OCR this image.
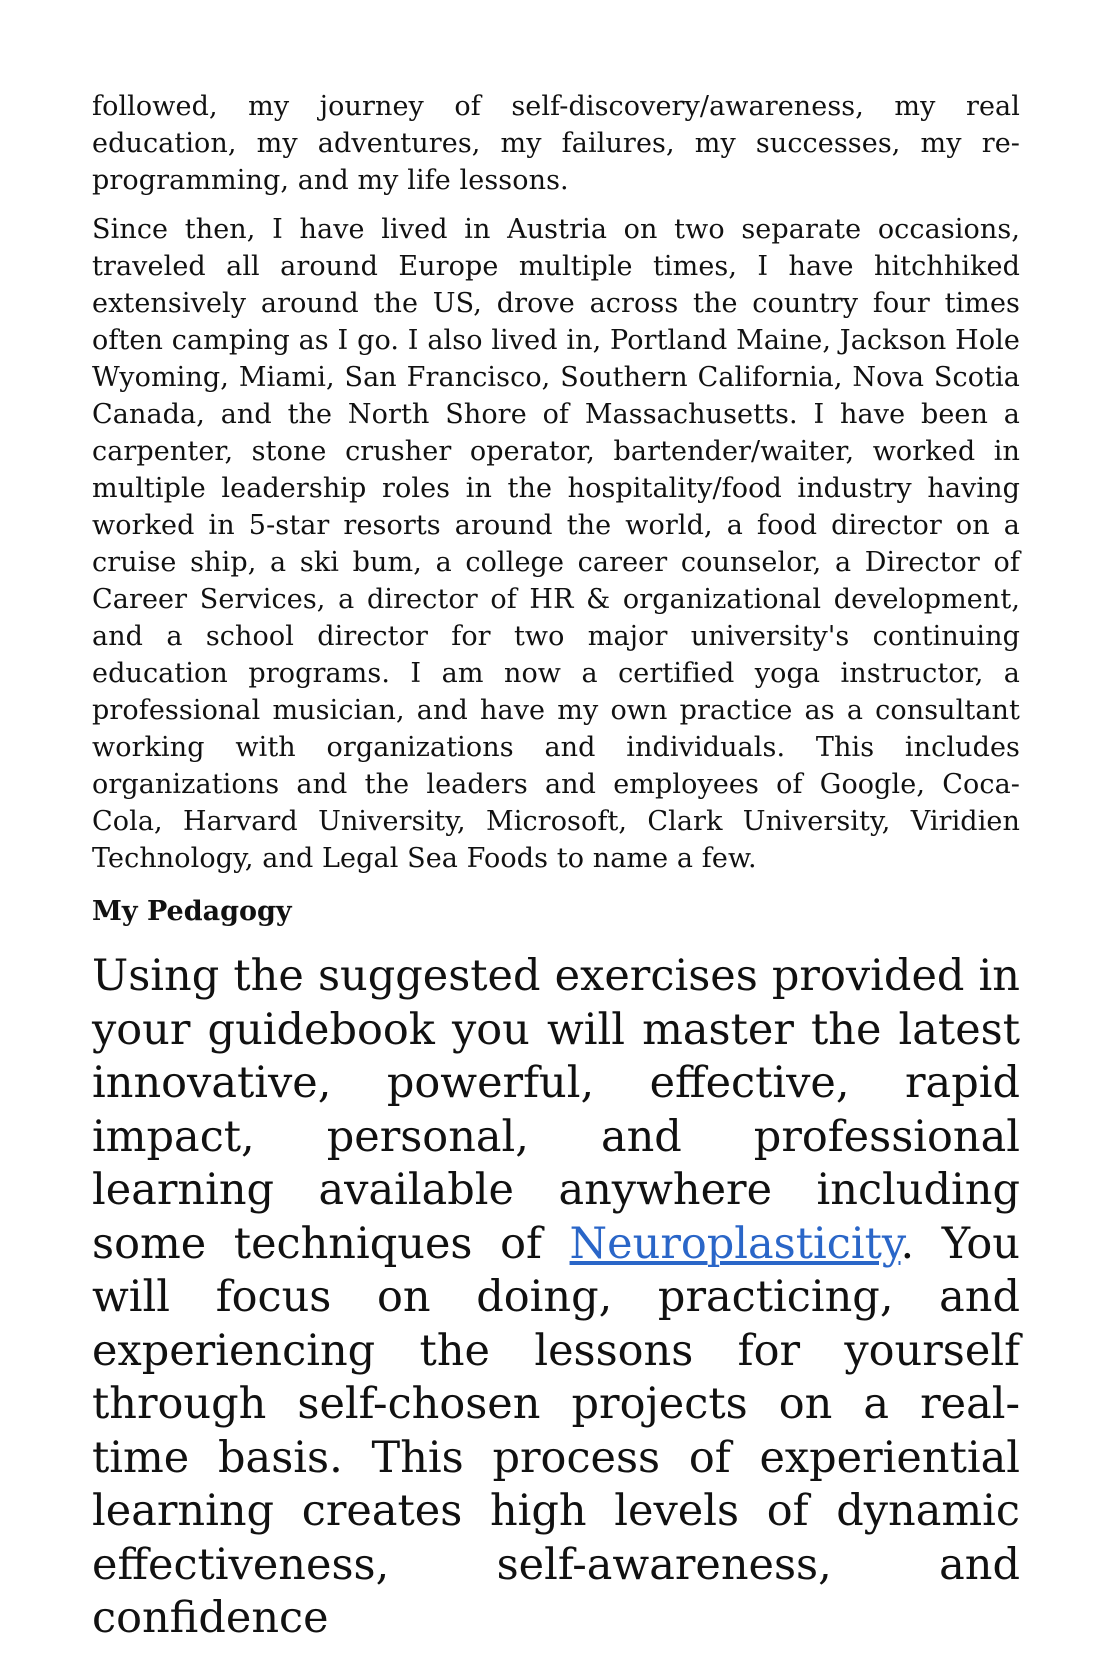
followed, my journey of self-discovery/awareness, my real education, my adventures, my failures, my successes, my re-programming, and my life lessons.

Since then, I have lived in Austria on two separate occasions, traveled all around Europe multiple times, I have hitchhiked extensively around the US, drove across the country four times often camping as I go. I also lived in, Portland Maine, Jackson Hole Wyoming, Miami, San Francisco, Southern California, Nova Scotia Canada, and the North Shore of Massachusetts. I have been a carpenter, stone crusher operator, bartender/waiter, worked in multiple leadership roles in the hospitality/food industry having worked in 5-star resorts around the world, a food director on a cruise ship, a ski bum, a college career counselor, a Director of Career Services, a director of HR & organizational development, and a school director for two major university's continuing education programs. I am now a certified yoga instructor, a professional musician, and have my own practice as a consultant working with organizations and individuals. This includes organizations and the leaders and employees of Google, Coca-Cola, Harvard University, Microsoft, Clark University, Viridien Technology, and Legal Sea Foods to name a few.

My Pedagogy

Using the suggested exercises provided in your guidebook you will master the latest innovative, powerful, effective, rapid impact, personal, and professional learning available anywhere including some techniques of Neuroplasticity. You will focus on doing, practicing, and experiencing the lessons for yourself through self-chosen projects on a real-time basis. This process of experiential learning creates high levels of dynamic effectiveness, self-awareness, and confidence
